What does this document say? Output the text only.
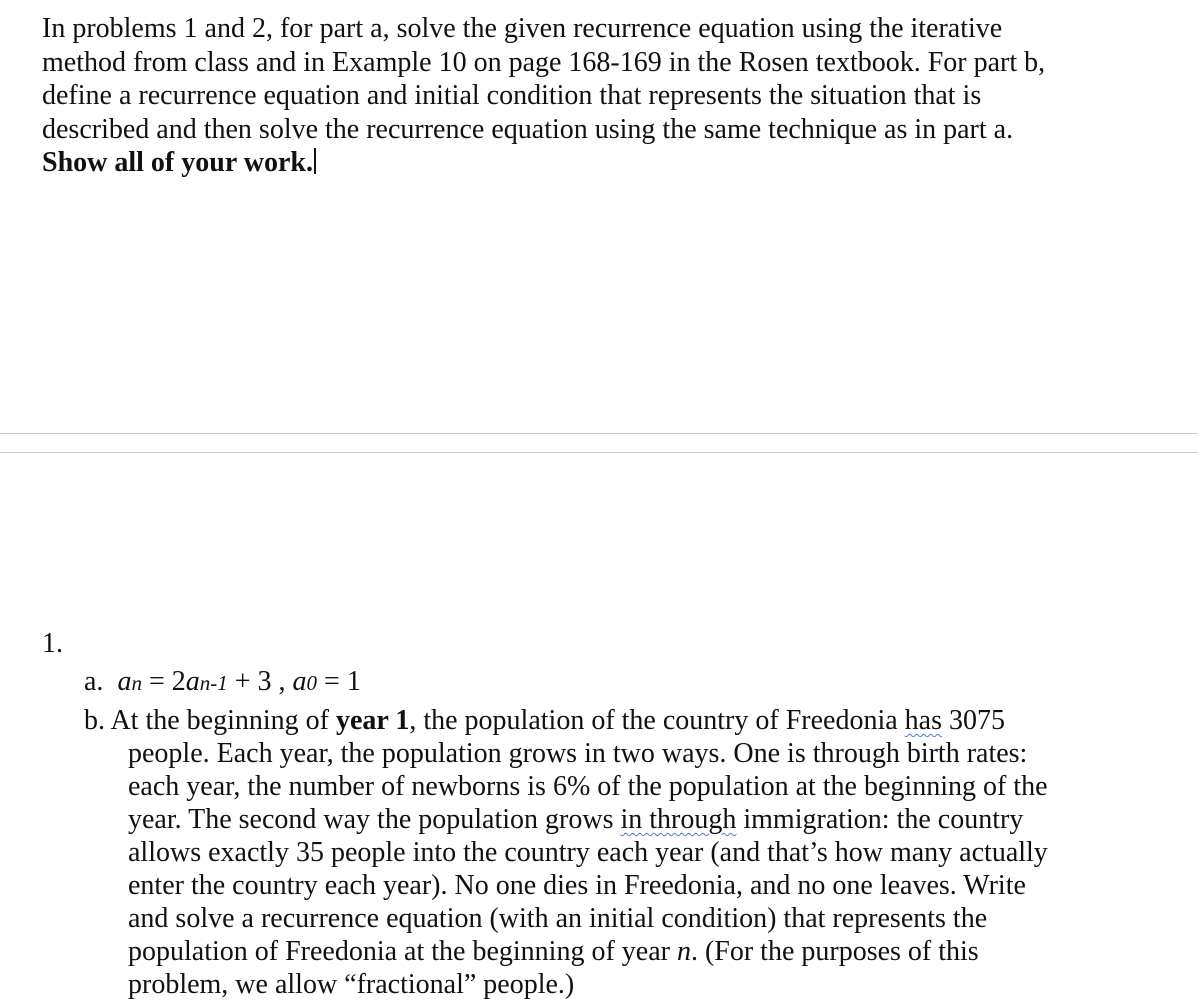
In problems 1 and 2, for part a, solve the given recurrence equation using the iterative
method from class and in Example 10 on page 168-169 in the Rosen textbook. For part b,
define a recurrence equation and initial condition that represents the situation that is
described and then solve the recurrence equation using the same technique as in part a.
Show all of your work.
1.
a. an = 2an-1 + 3 , a0 = 1
b. At the beginning of year 1, the population of the country of Freedonia has 3075
people. Each year, the population grows in two ways. One is through birth rates:
each year, the number of newborns is 6% of the population at the beginning of the
year. The second way the population grows in through immigration: the country
allows exactly 35 people into the country each year (and that’s how many actually
enter the country each year). No one dies in Freedonia, and no one leaves. Write
and solve a recurrence equation (with an initial condition) that represents the
population of Freedonia at the beginning of year n. (For the purposes of this
problem, we allow “fractional” people.)
